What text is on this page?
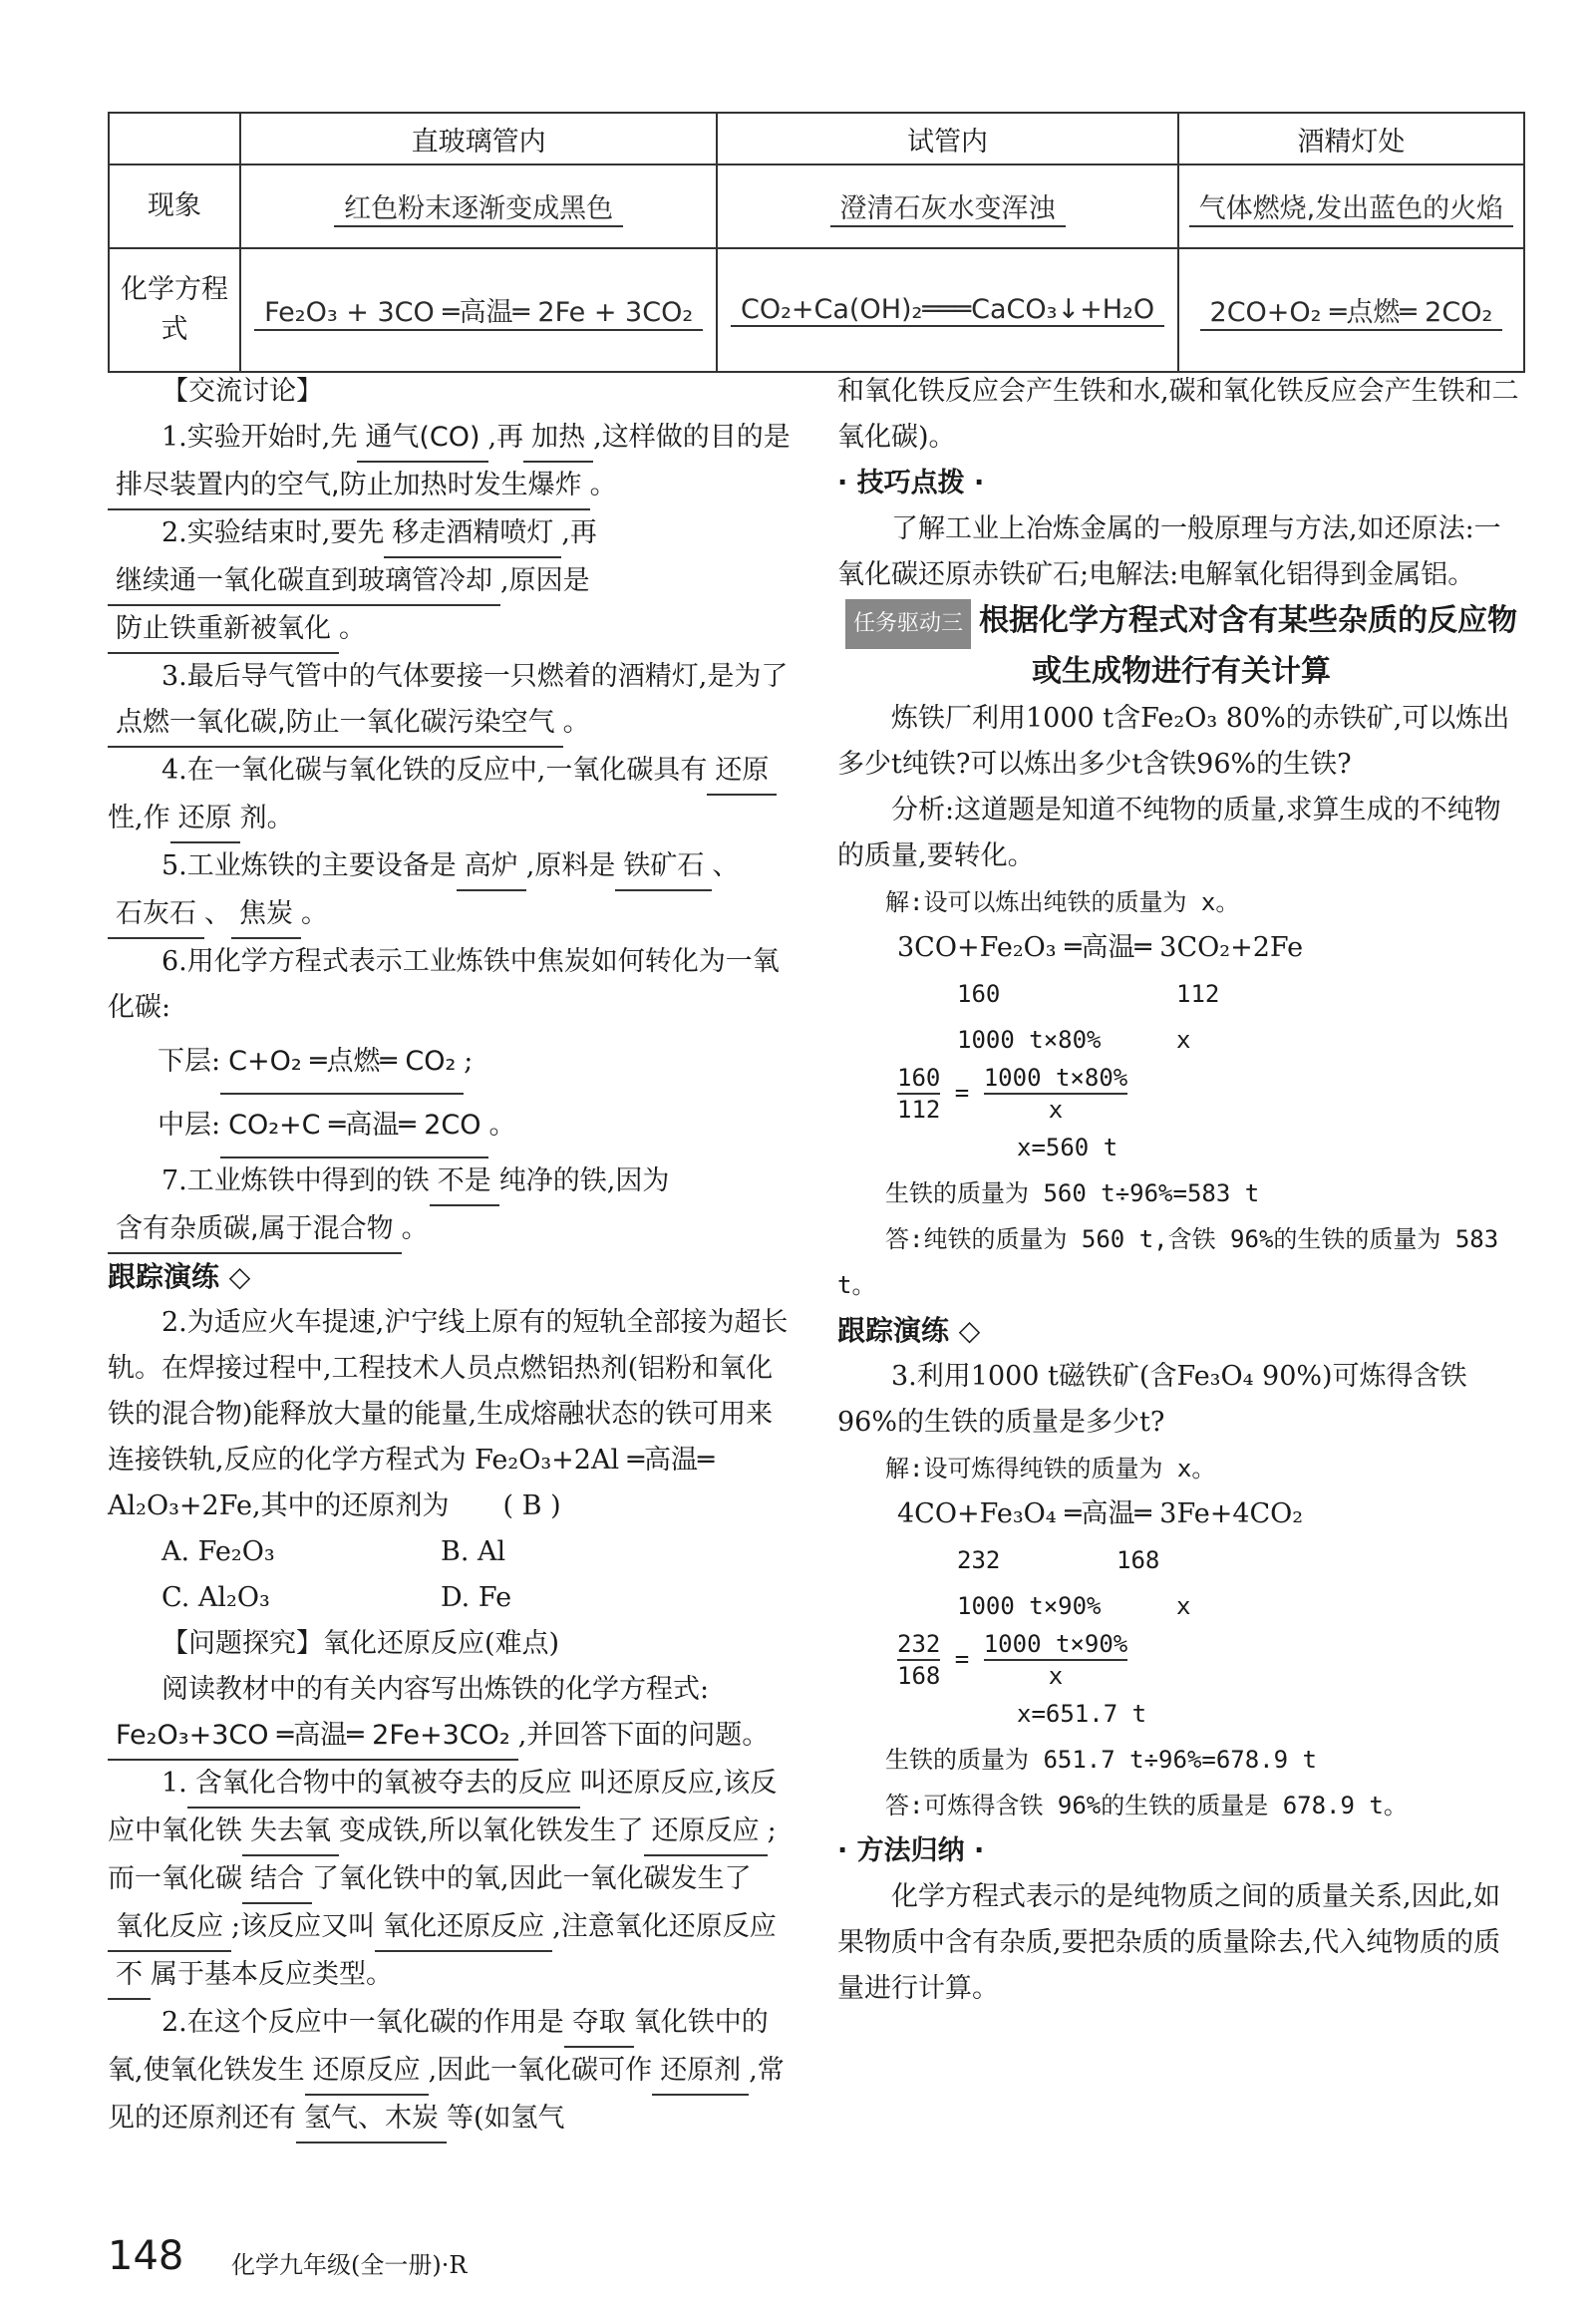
	直玻璃管内	试管内	酒精灯处
现象	红色粉末逐渐变成黑色	澄清石灰水变浑浊	气体燃烧,发出蓝色的火焰
化学方程式	Fe₂O₃ + 3CO ═高温═ 2Fe + 3CO₂	CO₂+Ca(OH)₂═══CaCO₃↓+H₂O	2CO+O₂ ═点燃═ 2CO₂

【交流讨论】

1.实验开始时,先 通气(CO) ,再 加热 ,这样做的目的是排尽装置内的空气,防止加热时发生爆炸 。

2.实验结束时,要先 移走酒精喷灯 ,再继续通一氧化碳直到玻璃管冷却 ,原因是防止铁重新被氧化 。

3.最后导气管中的气体要接一只燃着的酒精灯,是为了点燃一氧化碳,防止一氧化碳污染空气 。

4.在一氧化碳与氧化铁的反应中,一氧化碳具有 还原性,作 还原 剂。

5.工业炼铁的主要设备是 高炉 ,原料是 铁矿石 、石灰石 、 焦炭 。

6.用化学方程式表示工业炼铁中焦炭如何转化为一氧化碳:

下层: C+O₂ ═点燃═ CO₂ ;

中层: CO₂+C ═高温═ 2CO 。

7.工业炼铁中得到的铁 不是 纯净的铁,因为含有杂质碳,属于混合物 。

跟踪演练 ◇

2.为适应火车提速,沪宁线上原有的短轨全部接为超长轨。在焊接过程中,工程技术人员点燃铝热剂(铝粉和氧化铁的混合物)能释放大量的能量,生成熔融状态的铁可用来连接铁轨,反应的化学方程式为 Fe₂O₃+2Al ═高温═ Al₂O₃+2Fe,其中的还原剂为　　 ( B )

A. Fe₂O₃	B. Al

C. Al₂O₃	D. Fe

【问题探究】氧化还原反应(难点)

阅读教材中的有关内容写出炼铁的化学方程式:

Fe₂O₃+3CO ═高温═ 2Fe+3CO₂ ,并回答下面的问题。

1. 含氧化合物中的氧被夺去的反应 叫还原反应,该反应中氧化铁 失去氧 变成铁,所以氧化铁发生了 还原反应 ;而一氧化碳 结合 了氧化铁中的氧,因此一氧化碳发生了氧化反应 ;该反应又叫 氧化还原反应 ,注意氧化还原反应不 属于基本反应类型。

2.在这个反应中一氧化碳的作用是 夺取 氧化铁中的氧,使氧化铁发生 还原反应 ,因此一氧化碳可作 还原剂 ,常见的还原剂还有 氢气、木炭 等(如氢气

和氧化铁反应会产生铁和水,碳和氧化铁反应会产生铁和二氧化碳)。

· 技巧点拨 ·

了解工业上冶炼金属的一般原理与方法,如还原法:一氧化碳还原赤铁矿石;电解法:电解氧化铝得到金属铝。

任务驱动三 根据化学方程式对含有某些杂质的反应物或生成物进行有关计算

炼铁厂利用1000 t含Fe₂O₃ 80%的赤铁矿,可以炼出多少t纯铁?可以炼出多少t含铁96%的生铁?

分析:这道题是知道不纯物的质量,求算生成的不纯物的质量,要转化。

解:设可以炼出纯铁的质量为 x。

3CO+Fe₂O₃ ═高温═ 3CO₂+2Fe

160	112

1000 t×80%	x

$\frac{160}{112} = \frac{1000 t\times 80\%}{x}$

x=560 t

生铁的质量为 560 t÷96%=583 t

答:纯铁的质量为 560 t,含铁 96%的生铁的质量为 583 t。

跟踪演练 ◇

3.利用1000 t磁铁矿(含Fe₃O₄ 90%)可炼得含铁96%的生铁的质量是多少t?

解:设可炼得纯铁的质量为 x。

4CO+Fe₃O₄ ═高温═ 3Fe+4CO₂

232	168

1000 t×90%	x

$\frac{232}{168} = \frac{1000 t\times 90\%}{x}$

x=651.7 t

生铁的质量为 651.7 t÷96%=678.9 t

答:可炼得含铁 96%的生铁的质量是 678.9 t。

· 方法归纳 ·

化学方程式表示的是纯物质之间的质量关系,因此,如果物质中含有杂质,要把杂质的质量除去,代入纯物质的质量进行计算。

148 化学九年级(全一册)·R
